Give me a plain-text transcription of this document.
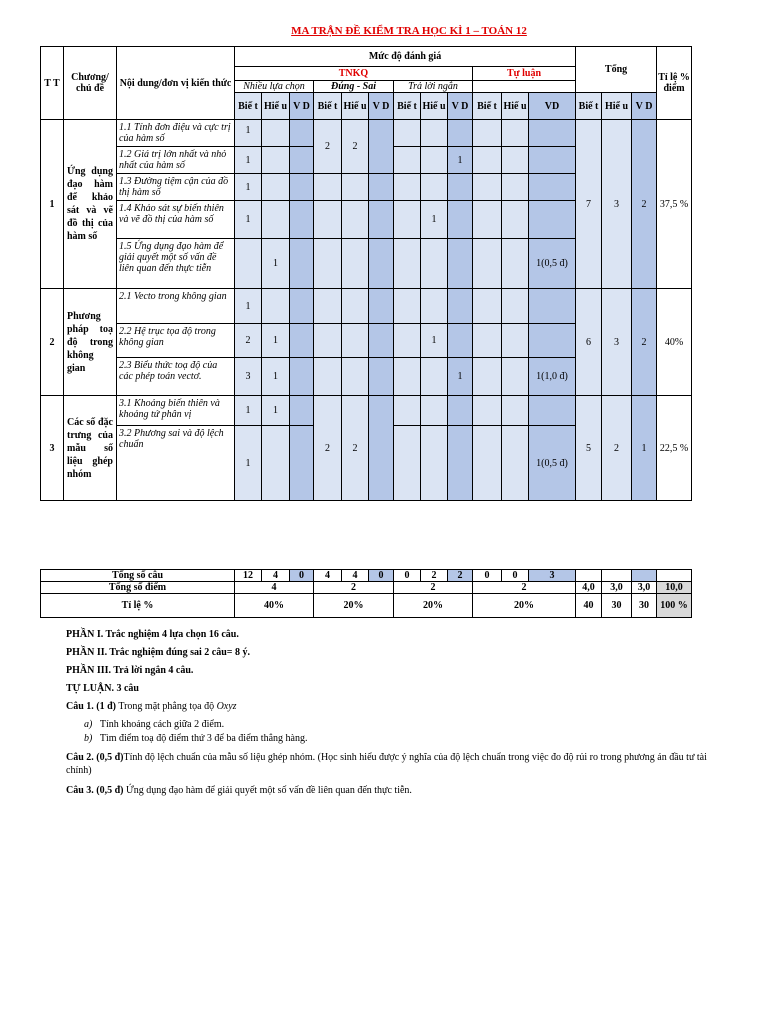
MA TRẬN ĐỀ KIỂM TRA HỌC KÌ 1 – TOÁN 12
T T	Chương/ chủ đề	Nội dung/đơn vị kiến thức	Mức độ đánh giá												Tổng			Tỉ lệ % điểm
			TNKQ									Tự luận						
			Nhiều lựa chọn			Đúng - Sai			Trả lời ngắn									
			Biế t	Hiể u	V D	Biế t	Hiể u	V D	Biế t	Hiể u	V D	Biế t	Hiể u	VD	Biế t	Hiể u	V D	
1	Ứng dụng đạo hàm để khảo sát và vẽ đồ thị của hàm số	1.1 Tính đơn điệu và cực trị của hàm số	1			2	2								7	3	2	37,5 %
		1.2 Giá trị lớn nhất và nhỏ nhất của hàm số	1								1							
		1.3 Đường tiệm cận của đồ thị hàm số	1															
		1.4 Khảo sát sự biến thiên và vẽ đồ thị của hàm số	1							1								
		1.5 Ứng dụng đạo hàm để giải quyết một số vấn đề liên quan đến thực tiễn		1										1(0,5 đ)				
2	Phương pháp toạ độ trong không gian	2.1 Vecto trong không gian	1												6	3	2	40%
		2.2 Hệ trục tọa độ trong không gian	2	1						1								
		2.3 Biểu thức toạ độ của các phép toán vectơ.	3	1							1			1(1,0 đ)				
3	Các số đặc trưng của mẫu số liệu ghép nhóm	3.1 Khoảng biến thiên và khoảng tứ phân vị	1	1		2	2								5	2	1	22,5 %
		3.2 Phương sai và độ lệch chuẩn	1											1(0,5 đ)				
Tổng số câu	12	4	0	4	4	0	0	2	2	0	0	3				
Tổng số điểm	4			2			2			2			4,0	3,0	3,0	10,0
Tỉ lệ %	40%			20%			20%			20%			40	30	30	100 %

PHẦN I. Trắc nghiệm 4 lựa chọn 16 câu.

PHẦN II. Trắc nghiệm đúng sai 2 câu= 8 ý.

PHẦN III. Trả lời ngắn 4 câu.

TỰ LUẬN. 3 câu

Câu 1. (1 đ) Trong mặt phẳng tọa độ Oxyz

a) Tính khoảng cách giữa 2 điểm.
b) Tìm điểm toạ độ điểm thứ 3 để ba điểm thẳng hàng.

Câu 2. (0,5 đ)Tính độ lệch chuẩn của mẫu số liệu ghép nhóm. (Học sinh hiểu được ý nghĩa của độ lệch chuẩn trong việc đo độ rủi ro trong phương án đầu tư tài chính)

Câu 3. (0,5 đ) Ứng dụng đạo hàm để giải quyết một số vấn đề liên quan đến thực tiễn.
